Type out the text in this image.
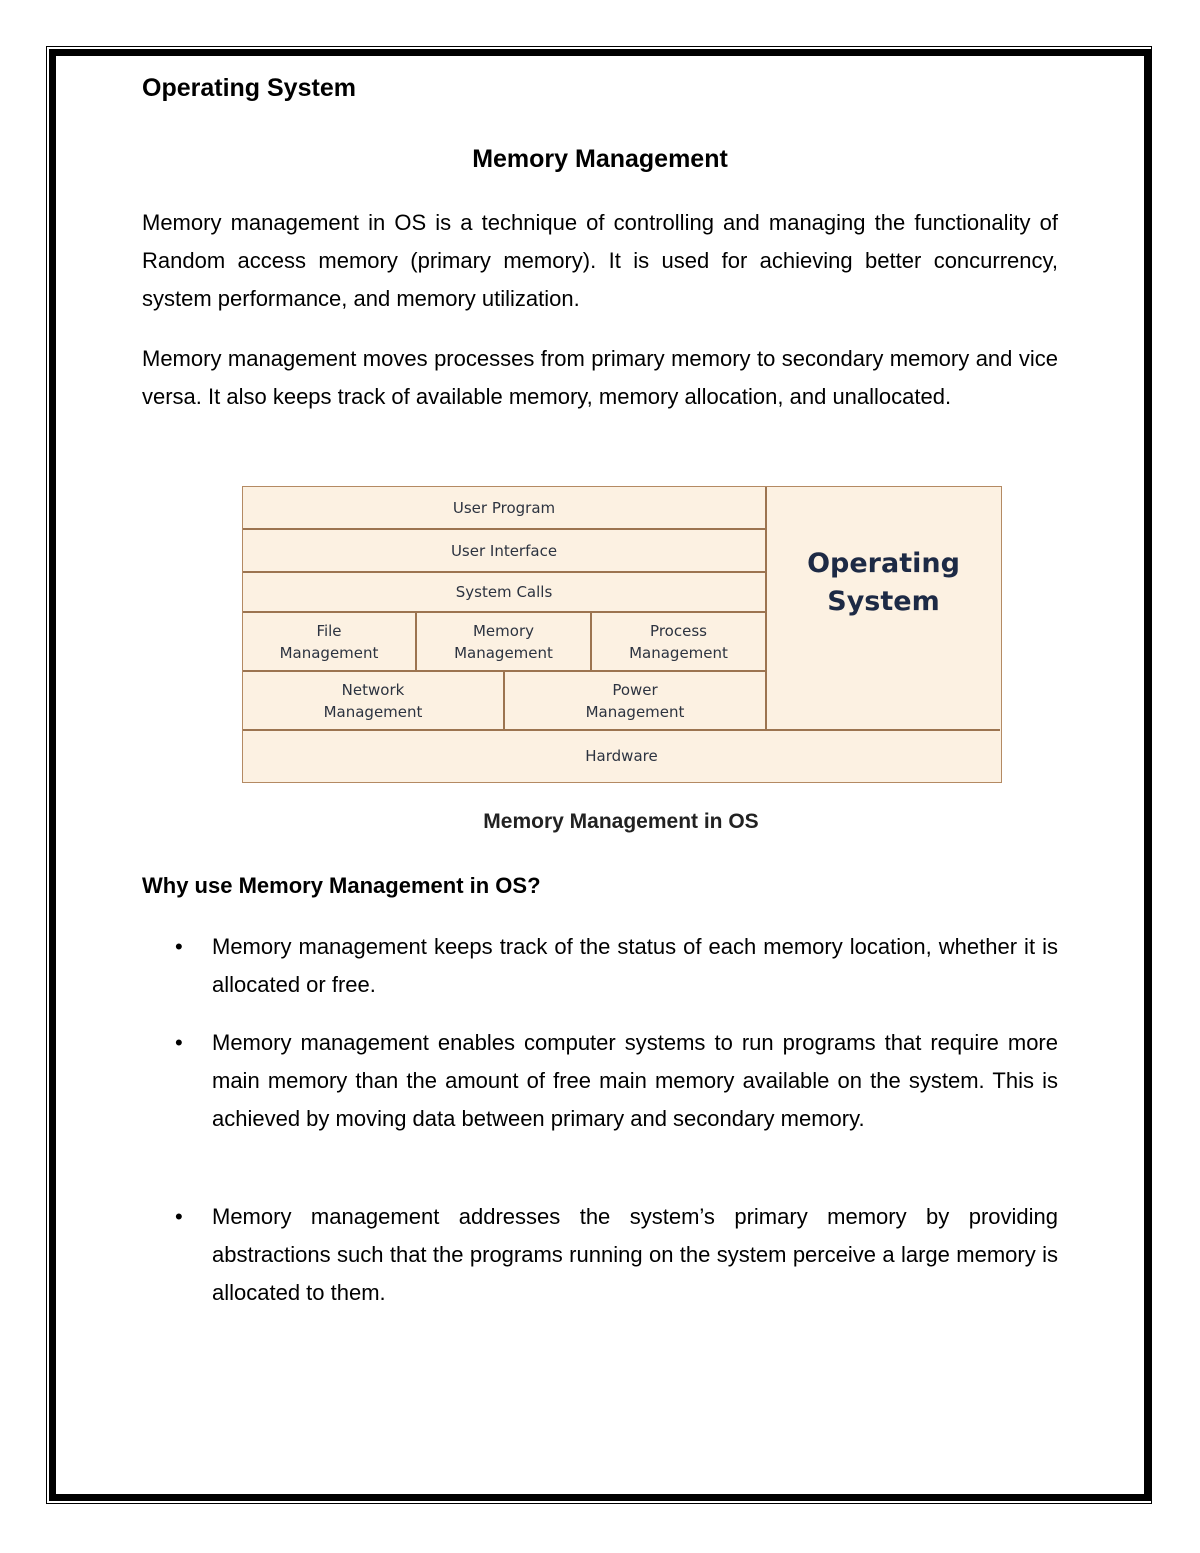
Operating System
Memory Management

Memory management in OS is a technique of controlling and managing the functionality of Random access memory (primary memory). It is used for achieving better concurrency, system performance, and memory utilization.

Memory management moves processes from primary memory to secondary memory and vice versa. It also keeps track of available memory, memory allocation, and unallocated.

User Program
User Interface
System Calls
File Management
Memory Management
Process Management
Network Management
Power Management
Operating System
Hardware
Memory Management in OS
Why use Memory Management in OS?
• Memory management keeps track of the status of each memory location, whether it is allocated or free.
• Memory management enables computer systems to run programs that require more main memory than the amount of free main memory available on the system. This is achieved by moving data between primary and secondary memory.
• Memory management addresses the system’s primary memory by providing abstractions such that the programs running on the system perceive a large memory is allocated to them.
